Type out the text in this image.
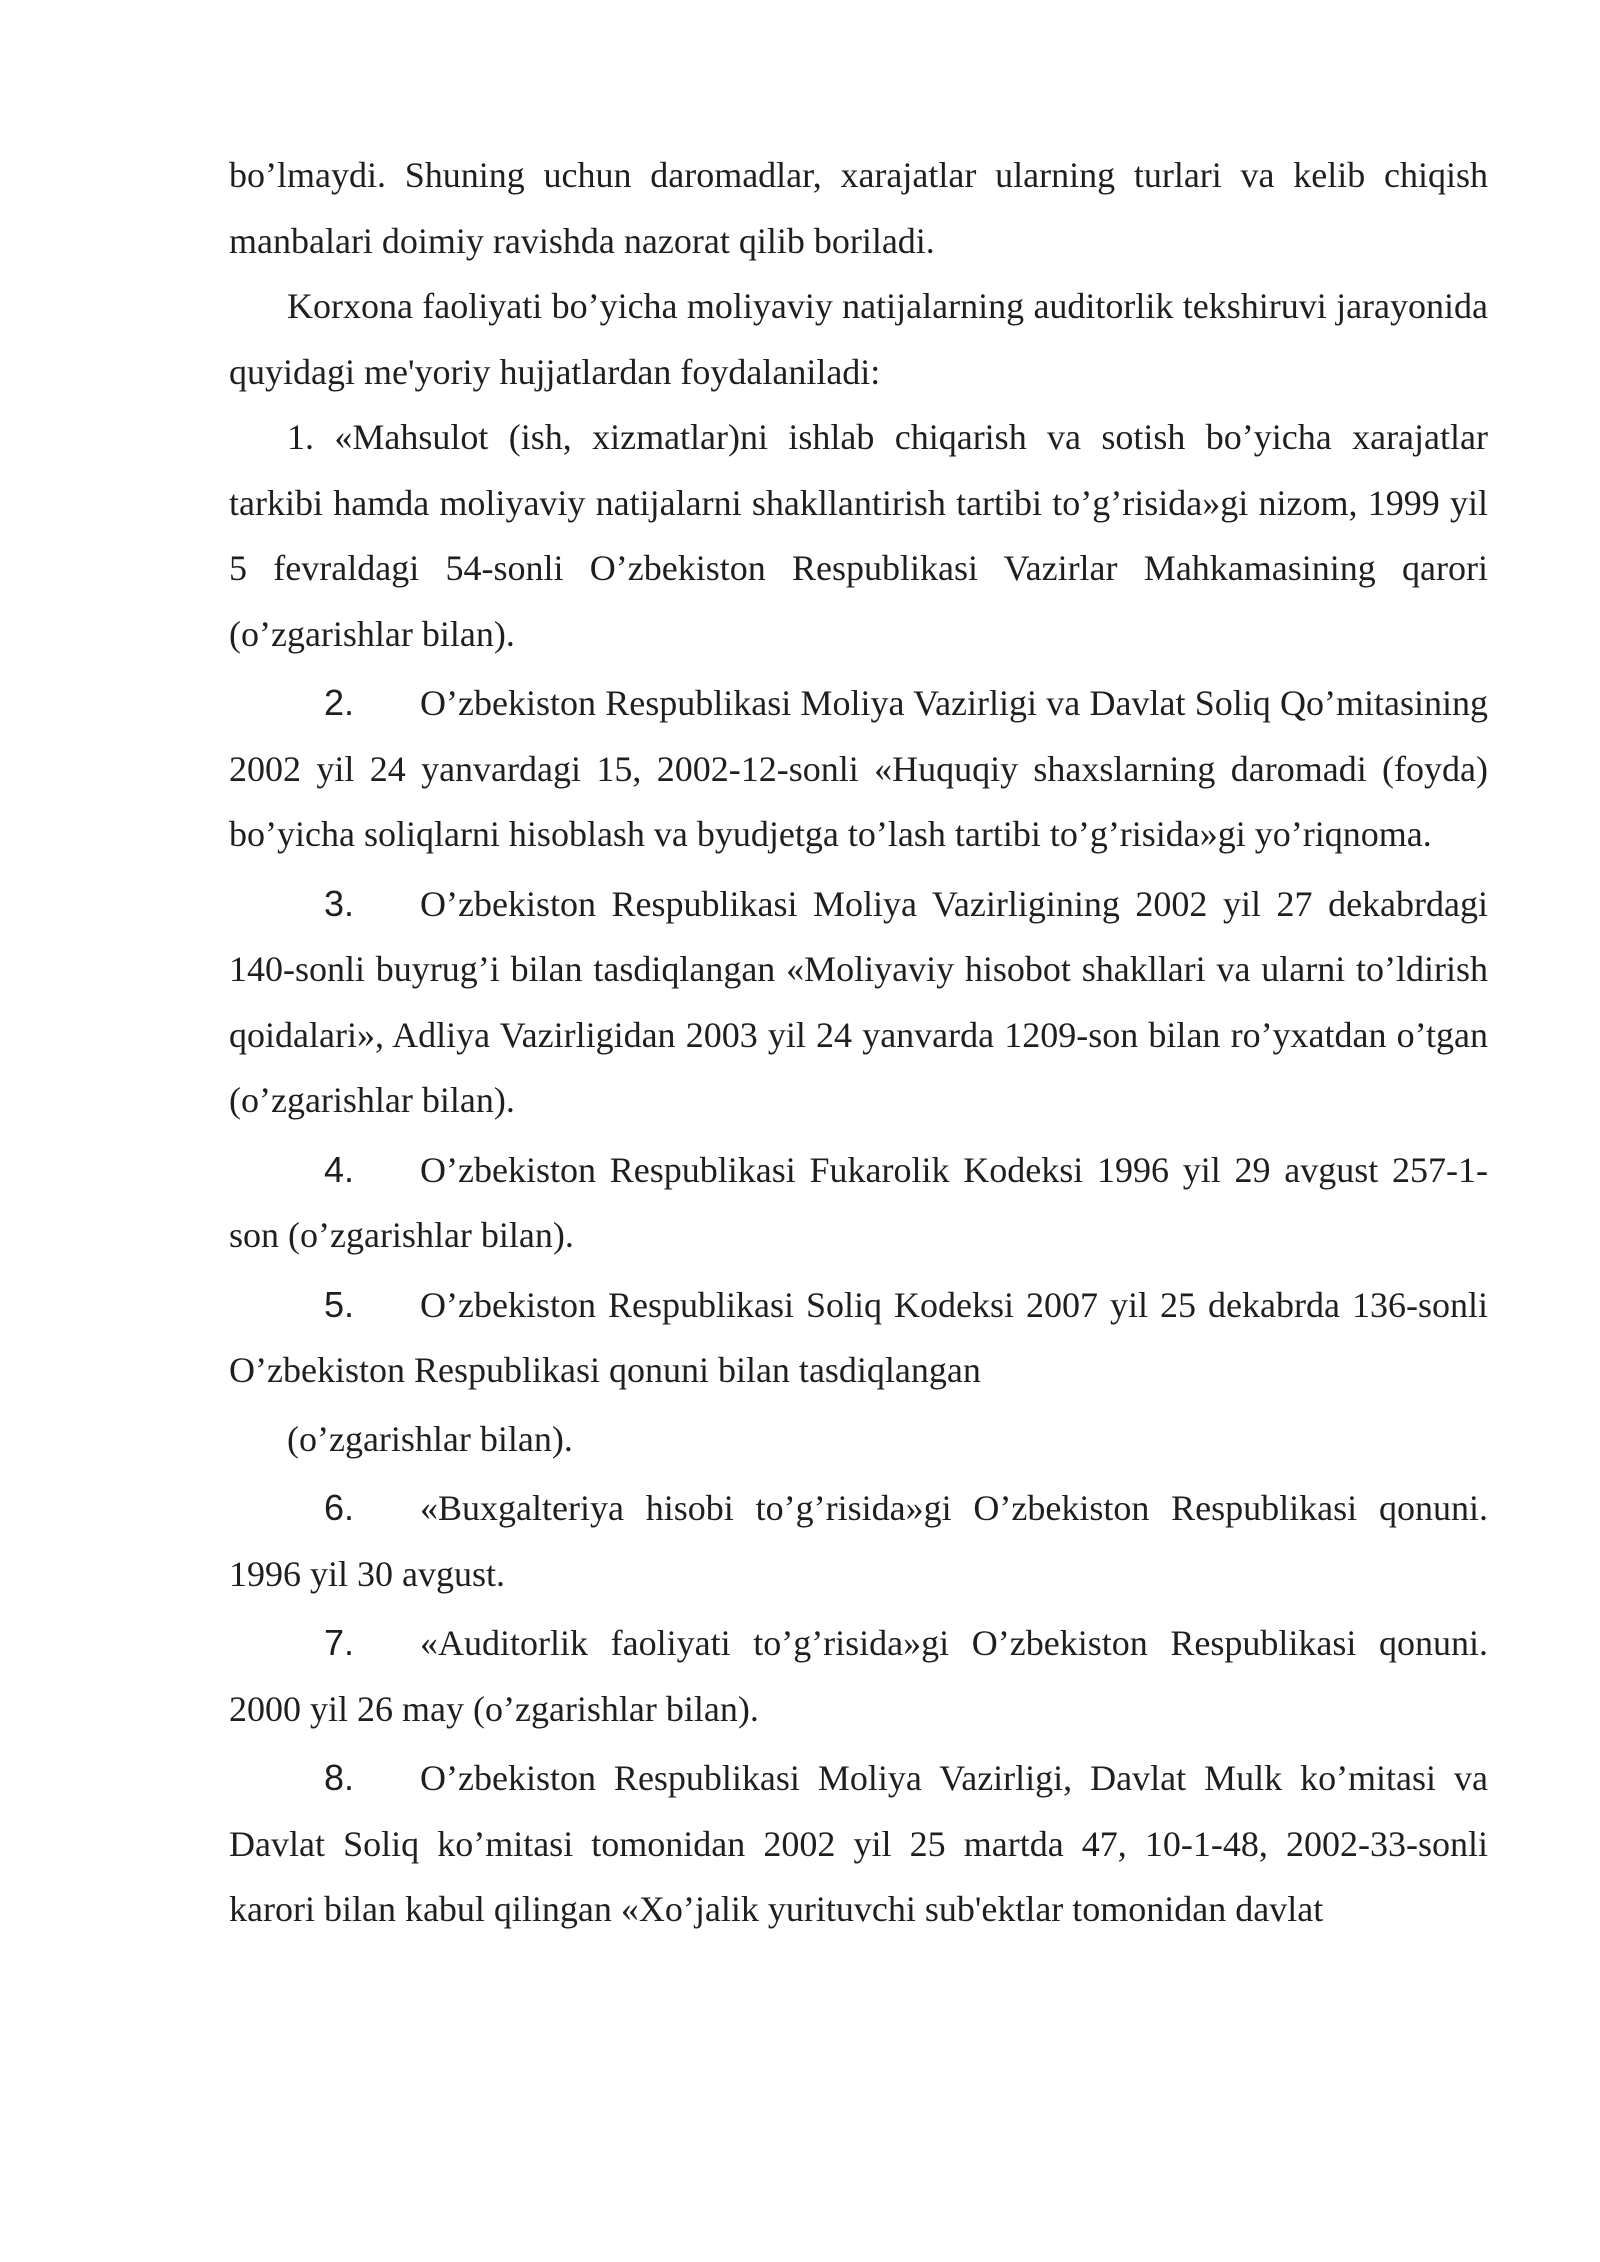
bo’lmaydi. Shuning uchun daromadlar, xarajatlar ularning turlari va kelib chiqish manbalari doimiy ravishda nazorat qilib boriladi.

Korxona faoliyati bo’yicha moliyaviy natijalarning auditorlik tekshiruvi jarayonida quyidagi me'yoriy hujjatlardan foydalaniladi:

1. «Mahsulot (ish, xizmatlar)ni ishlab chiqarish va sotish bo’yicha xarajatlar tarkibi hamda moliyaviy natijalarni shakllantirish tartibi to’g’risida»gi nizom, 1999 yil 5 fevraldagi 54-sonli O’zbekiston Respublikasi Vazirlar Mahkamasining qarori (o’zgarishlar bilan).

2. O’zbekiston Respublikasi Moliya Vazirligi va Davlat Soliq Qo’mitasining 2002 yil 24 yanvardagi 15, 2002-12-sonli «Huquqiy shaxslarning daromadi (foyda) bo’yicha soliqlarni hisoblash va byudjetga to’lash tartibi to’g’risida»gi yo’riqnoma.

3. O’zbekiston Respublikasi Moliya Vazirligining 2002 yil 27 dekabrdagi 140-sonli buyrug’i bilan tasdiqlangan «Moliyaviy hisobot shakllari va ularni to’ldirish qoidalari», Adliya Vazirligidan 2003 yil 24 yanvarda 1209-son bilan ro’yxatdan o’tgan (o’zgarishlar bilan).

4. O’zbekiston Respublikasi Fukarolik Kodeksi 1996 yil 29 avgust 257-1-son (o’zgarishlar bilan).

5. O’zbekiston Respublikasi Soliq Kodeksi 2007 yil 25 dekabrda 136-sonli O’zbekiston Respublikasi qonuni bilan tasdiqlangan

(o’zgarishlar bilan).

6. «Buxgalteriya hisobi to’g’risida»gi O’zbekiston Respublikasi qonuni. 1996 yil 30 avgust.

7. «Auditorlik faoliyati to’g’risida»gi O’zbekiston Respublikasi qonuni. 2000 yil 26 may (o’zgarishlar bilan).

8. O’zbekiston Respublikasi Moliya Vazirligi, Davlat Mulk ko’mitasi va Davlat Soliq ko’mitasi tomonidan 2002 yil 25 martda 47, 10-1-48, 2002-33-sonli karori bilan kabul qilingan «Xo’jalik yurituvchi sub'ektlar tomonidan davlat
